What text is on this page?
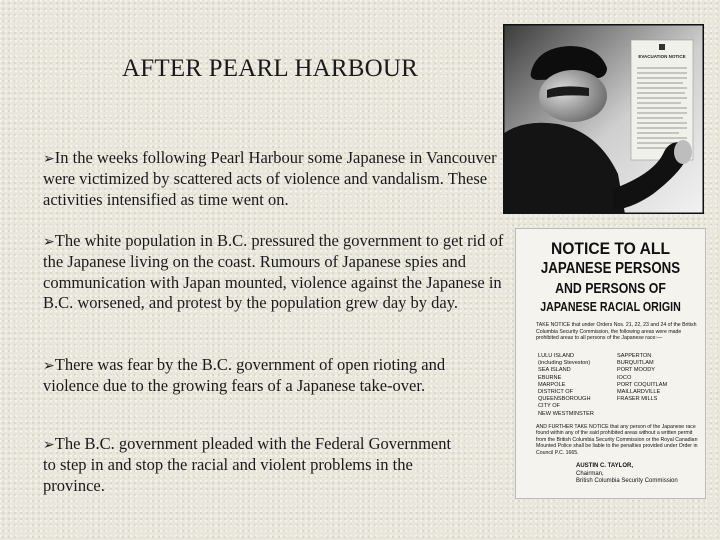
AFTER PEARL HARBOUR	EVACUATION NOTICE
NOTICE TO ALL
JAPANESE PERSONS
AND PERSONS OF
JAPANESE RACIAL ORIGIN

TAKE NOTICE that under Orders Nos. 21, 22, 23 and 24 of the British Columbia Security Commission, the following areas were made prohibited areas to all persons of the Japanese race:—

LULU ISLAND
(including Steveston)
SEA ISLAND
EBURNE
MARPOLE
DISTRICT OF
QUEENSBOROUGH
CITY OF
NEW WESTMINSTER
SAPPERTON
BURQUITLAM
PORT MOODY
IOCO
PORT COQUITLAM
MAILLARDVILLE
FRASER MILLS

AND FURTHER TAKE NOTICE that any person of the Japanese race found within any of the said prohibited areas without a written permit from the British Columbia Security Commission or the Royal Canadian Mounted Police shall be liable to the penalties provided under Order in Council P.C. 1665.

AUSTIN C. TAYLOR,
Chairman,
British Columbia Security Commission
➢In the weeks following Pearl Harbour some Japanese in Vancouver were victimized by scattered acts of violence and vandalism. These activities intensified as time went on.
➢The white population in B.C. pressured the government to get rid of the Japanese living on the coast. Rumours of Japanese spies and communication with Japan mounted, violence against the Japanese in B.C. worsened, and protest by the population grew day by day.
➢There was fear by the B.C. government of open rioting and violence due to the growing fears of a Japanese take-over.
➢The B.C. government pleaded with the Federal Government to step in and stop the racial and violent problems in the province.
